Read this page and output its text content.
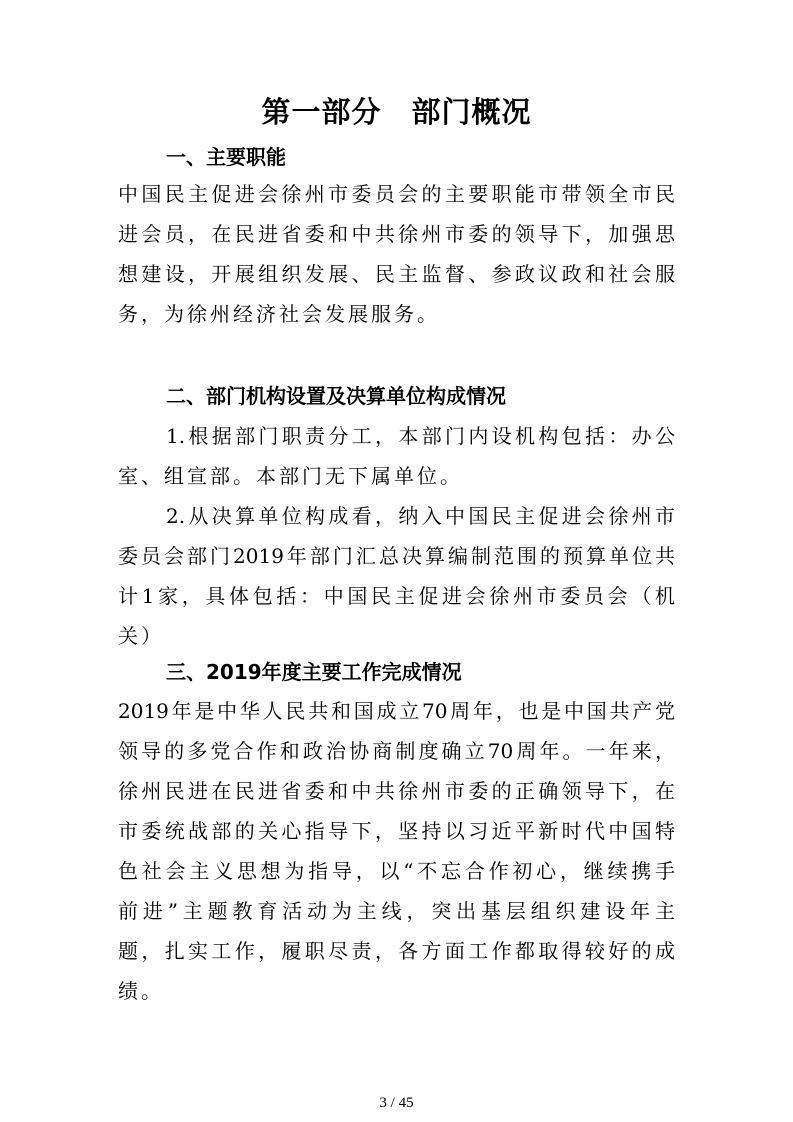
第一部分　部门概况
一、主要职能
中国民主促进会徐州市委员会的主要职能市带领全市民
进会员，在民进省委和中共徐州市委的领导下，加强思
想建设，开展组织发展、民主监督、参政议政和社会服
务，为徐州经济社会发展服务。
二、部门机构设置及决算单位构成情况
1.根据部门职责分工，本部门内设机构包括：办公
室、组宣部。本部门无下属单位。
2.从决算单位构成看，纳入中国民主促进会徐州市
委员会部门2019年部门汇总决算编制范围的预算单位共
计1家，具体包括：中国民主促进会徐州市委员会（机
关）
三、2019年度主要工作完成情况
2019年是中华人民共和国成立70周年，也是中国共产党
领导的多党合作和政治协商制度确立70周年。一年来，
徐州民进在民进省委和中共徐州市委的正确领导下，在
市委统战部的关心指导下，坚持以习近平新时代中国特
色社会主义思想为指导，以“不忘合作初心，继续携手
前进”主题教育活动为主线，突出基层组织建设年主
题，扎实工作，履职尽责，各方面工作都取得较好的成
绩。
3 / 45
